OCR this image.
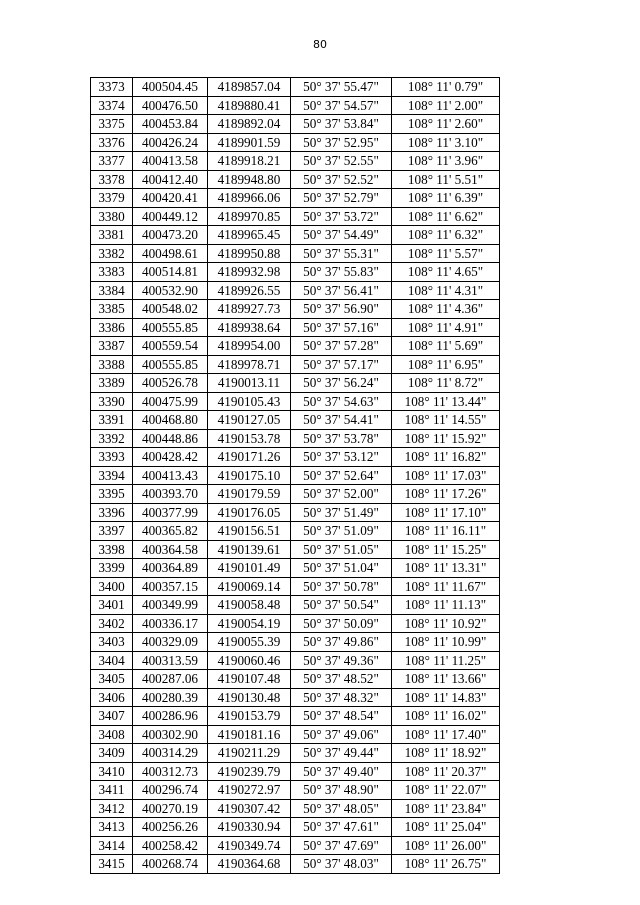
80
3373	400504.45	4189857.04	50° 37' 55.47"	108° 11' 0.79"
3374	400476.50	4189880.41	50° 37' 54.57"	108° 11' 2.00"
3375	400453.84	4189892.04	50° 37' 53.84"	108° 11' 2.60"
3376	400426.24	4189901.59	50° 37' 52.95"	108° 11' 3.10"
3377	400413.58	4189918.21	50° 37' 52.55"	108° 11' 3.96"
3378	400412.40	4189948.80	50° 37' 52.52"	108° 11' 5.51"
3379	400420.41	4189966.06	50° 37' 52.79"	108° 11' 6.39"
3380	400449.12	4189970.85	50° 37' 53.72"	108° 11' 6.62"
3381	400473.20	4189965.45	50° 37' 54.49"	108° 11' 6.32"
3382	400498.61	4189950.88	50° 37' 55.31"	108° 11' 5.57"
3383	400514.81	4189932.98	50° 37' 55.83"	108° 11' 4.65"
3384	400532.90	4189926.55	50° 37' 56.41"	108° 11' 4.31"
3385	400548.02	4189927.73	50° 37' 56.90"	108° 11' 4.36"
3386	400555.85	4189938.64	50° 37' 57.16"	108° 11' 4.91"
3387	400559.54	4189954.00	50° 37' 57.28"	108° 11' 5.69"
3388	400555.85	4189978.71	50° 37' 57.17"	108° 11' 6.95"
3389	400526.78	4190013.11	50° 37' 56.24"	108° 11' 8.72"
3390	400475.99	4190105.43	50° 37' 54.63"	108° 11' 13.44"
3391	400468.80	4190127.05	50° 37' 54.41"	108° 11' 14.55"
3392	400448.86	4190153.78	50° 37' 53.78"	108° 11' 15.92"
3393	400428.42	4190171.26	50° 37' 53.12"	108° 11' 16.82"
3394	400413.43	4190175.10	50° 37' 52.64"	108° 11' 17.03"
3395	400393.70	4190179.59	50° 37' 52.00"	108° 11' 17.26"
3396	400377.99	4190176.05	50° 37' 51.49"	108° 11' 17.10"
3397	400365.82	4190156.51	50° 37' 51.09"	108° 11' 16.11"
3398	400364.58	4190139.61	50° 37' 51.05"	108° 11' 15.25"
3399	400364.89	4190101.49	50° 37' 51.04"	108° 11' 13.31"
3400	400357.15	4190069.14	50° 37' 50.78"	108° 11' 11.67"
3401	400349.99	4190058.48	50° 37' 50.54"	108° 11' 11.13"
3402	400336.17	4190054.19	50° 37' 50.09"	108° 11' 10.92"
3403	400329.09	4190055.39	50° 37' 49.86"	108° 11' 10.99"
3404	400313.59	4190060.46	50° 37' 49.36"	108° 11' 11.25"
3405	400287.06	4190107.48	50° 37' 48.52"	108° 11' 13.66"
3406	400280.39	4190130.48	50° 37' 48.32"	108° 11' 14.83"
3407	400286.96	4190153.79	50° 37' 48.54"	108° 11' 16.02"
3408	400302.90	4190181.16	50° 37' 49.06"	108° 11' 17.40"
3409	400314.29	4190211.29	50° 37' 49.44"	108° 11' 18.92"
3410	400312.73	4190239.79	50° 37' 49.40"	108° 11' 20.37"
3411	400296.74	4190272.97	50° 37' 48.90"	108° 11' 22.07"
3412	400270.19	4190307.42	50° 37' 48.05"	108° 11' 23.84"
3413	400256.26	4190330.94	50° 37' 47.61"	108° 11' 25.04"
3414	400258.42	4190349.74	50° 37' 47.69"	108° 11' 26.00"
3415	400268.74	4190364.68	50° 37' 48.03"	108° 11' 26.75"
